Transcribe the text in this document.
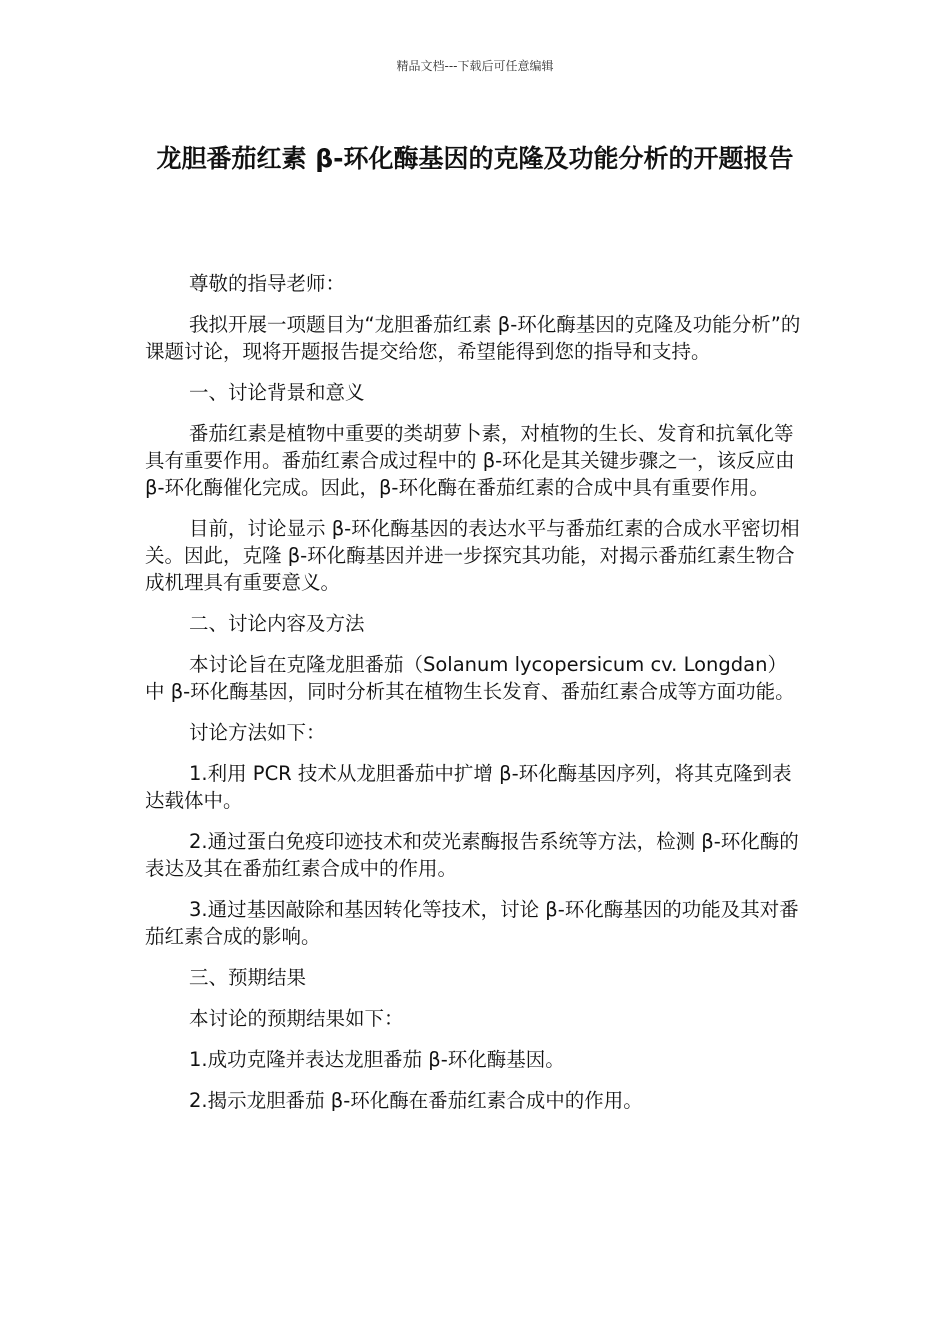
精品文档---下载后可任意编辑
龙胆番茄红素 β-环化酶基因的克隆及功能分析的开题报告

尊敬的指导老师：

我拟开展一项题目为“龙胆番茄红素 β-环化酶基因的克隆及功能分析”的课题讨论，现将开题报告提交给您，希望能得到您的指导和支持。

一、讨论背景和意义

番茄红素是植物中重要的类胡萝卜素，对植物的生长、发育和抗氧化等具有重要作用。番茄红素合成过程中的 β-环化是其关键步骤之一，该反应由 β-环化酶催化完成。因此，β-环化酶在番茄红素的合成中具有重要作用。

目前，讨论显示 β-环化酶基因的表达水平与番茄红素的合成水平密切相关。因此，克隆 β-环化酶基因并进一步探究其功能，对揭示番茄红素生物合成机理具有重要意义。

二、讨论内容及方法

本讨论旨在克隆龙胆番茄（Solanum lycopersicum cv. Longdan）中 β-环化酶基因，同时分析其在植物生长发育、番茄红素合成等方面功能。

讨论方法如下：

1.利用 PCR 技术从龙胆番茄中扩增 β-环化酶基因序列，将其克隆到表达载体中。

2.通过蛋白免疫印迹技术和荧光素酶报告系统等方法，检测 β-环化酶的表达及其在番茄红素合成中的作用。

3.通过基因敲除和基因转化等技术，讨论 β-环化酶基因的功能及其对番茄红素合成的影响。

三、预期结果

本讨论的预期结果如下：

1.成功克隆并表达龙胆番茄 β-环化酶基因。

2.揭示龙胆番茄 β-环化酶在番茄红素合成中的作用。
